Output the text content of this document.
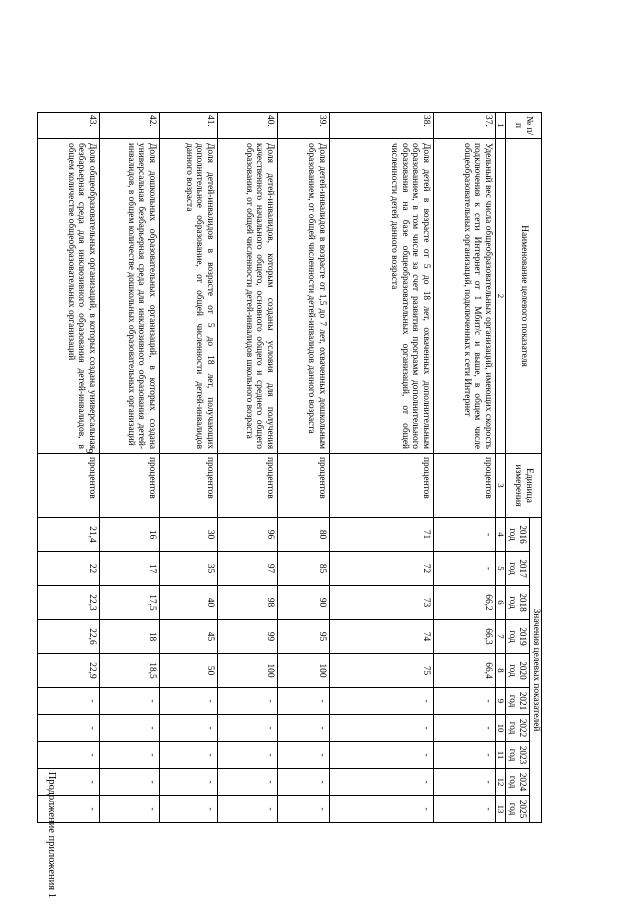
9
Продолжение приложения 1
№ п/п	Наименование целевого показателя	Единица измерения	Значения целевых показателей									
			2016 год	2017 год	2018 год	2019 год	2020 год	2021 год	2022 год	2023 год	2024 год	2025 год
1	2	3	4	5	6	7	8	9	10	11	12	13
37.	Удельный вес числа общеобразовательных организаций, имеющих скорость подключения к сети Интернет от 1 Мбит/с и выше, в общем числе общеобразовательных организаций, подключенных к сети Интернет	процентов	-	-	66,2	66,3	66,4	-	-	-	-	-
38.	Доля детей в возрасте от 5 до 18 лет, охваченных дополнительным образованием, в том числе за счет развития программ дополнительного образования на базе общеобразовательных организаций, от общей численности детей данного возраста	процентов	71	72	73	74	75	-	-	-	-	-
39.	Доля детей-инвалидов в возрасте от 1,5 до 7 лет, охваченных дошкольным образованием, от общей численности детей-инвалидов данного возраста	процентов	80	85	90	95	100	-	-	-	-	-
40.	Доля детей-инвалидов, которым созданы условия для получения качественного начального общего, основного общего и среднего общего образования, от общей численности детей-инвалидов школьного возраста	процентов	96	97	98	99	100	-	-	-	-	-
41.	Доля детей-инвалидов в возрасте от 5 до 18 лет, получающих дополнительное образование, от общей численности детей-инвалидов данного возраста	процентов	30	35	40	45	50	-	-	-	-	-
42.	Доля дошкольных образовательных организаций, в которых создана универсальная безбарьерная среда для инклюзивного образования детей-инвалидов, в общем количестве дошкольных образовательных организаций	процентов	16	17	17,5	18	18,5	-	-	-	-	-
43.	Доля общеобразовательных организаций, в которых создана универсальная безбарьерная среда для инклюзивного образования детей-инвалидов, в общем количестве общеобразовательных организаций	процентов	21,4	22	22,3	22,6	22,9	-	-	-	-	-
